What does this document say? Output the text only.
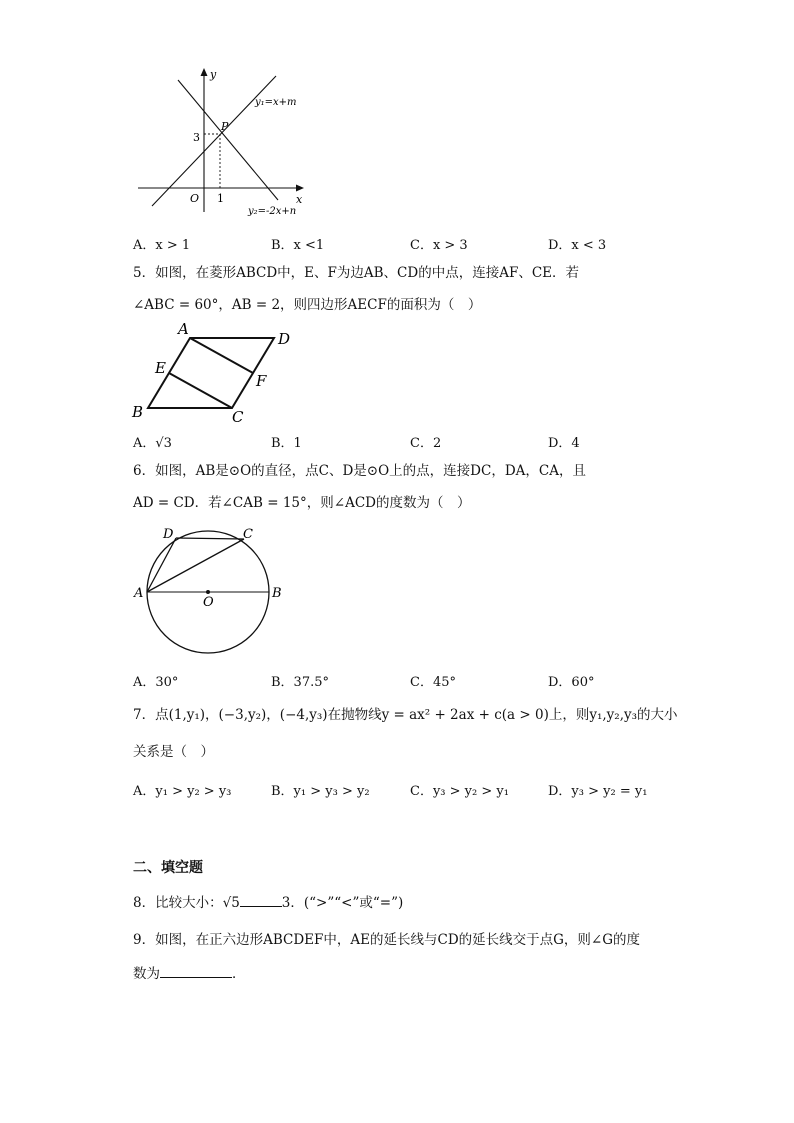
y
x
O
3
1
P
y₁=x+m
y₂=-2x+n
A．x > 1	B．x <1	C．x > 3	D．x < 3
5．如图，在菱形ABCD中，E、F为边AB、CD的中点，连接AF、CE．若
∠ABC = 60°，AB = 2，则四边形AECF的面积为（　）
A
D
E
F
B	C
A．√3	B．1	C．2	D．4
6．如图，AB是⊙O的直径，点C、D是⊙O上的点，连接DC，DA，CA，且
AD = CD．若∠CAB = 15°，则∠ACD的度数为（　）
D	C
A	B
O
A．30°	B．37.5°	C．45°	D．60°
7．点(1,y₁)，(−3,y₂)，(−4,y₃)在抛物线y = ax² + 2ax + c(a > 0)上，则y₁,y₂,y₃的大小
关系是（　）
A．y₁ > y₂ > y₃	B．y₁ > y₃ > y₂	C．y₃ > y₂ > y₁	D．y₃ > y₂ = y₁
二、填空题
8．比较大小：√5	3．(“>”“<”或“=”)
9．如图，在正六边形ABCDEF中，AE的延长线与CD的延长线交于点G，则∠G的度
数为	．
